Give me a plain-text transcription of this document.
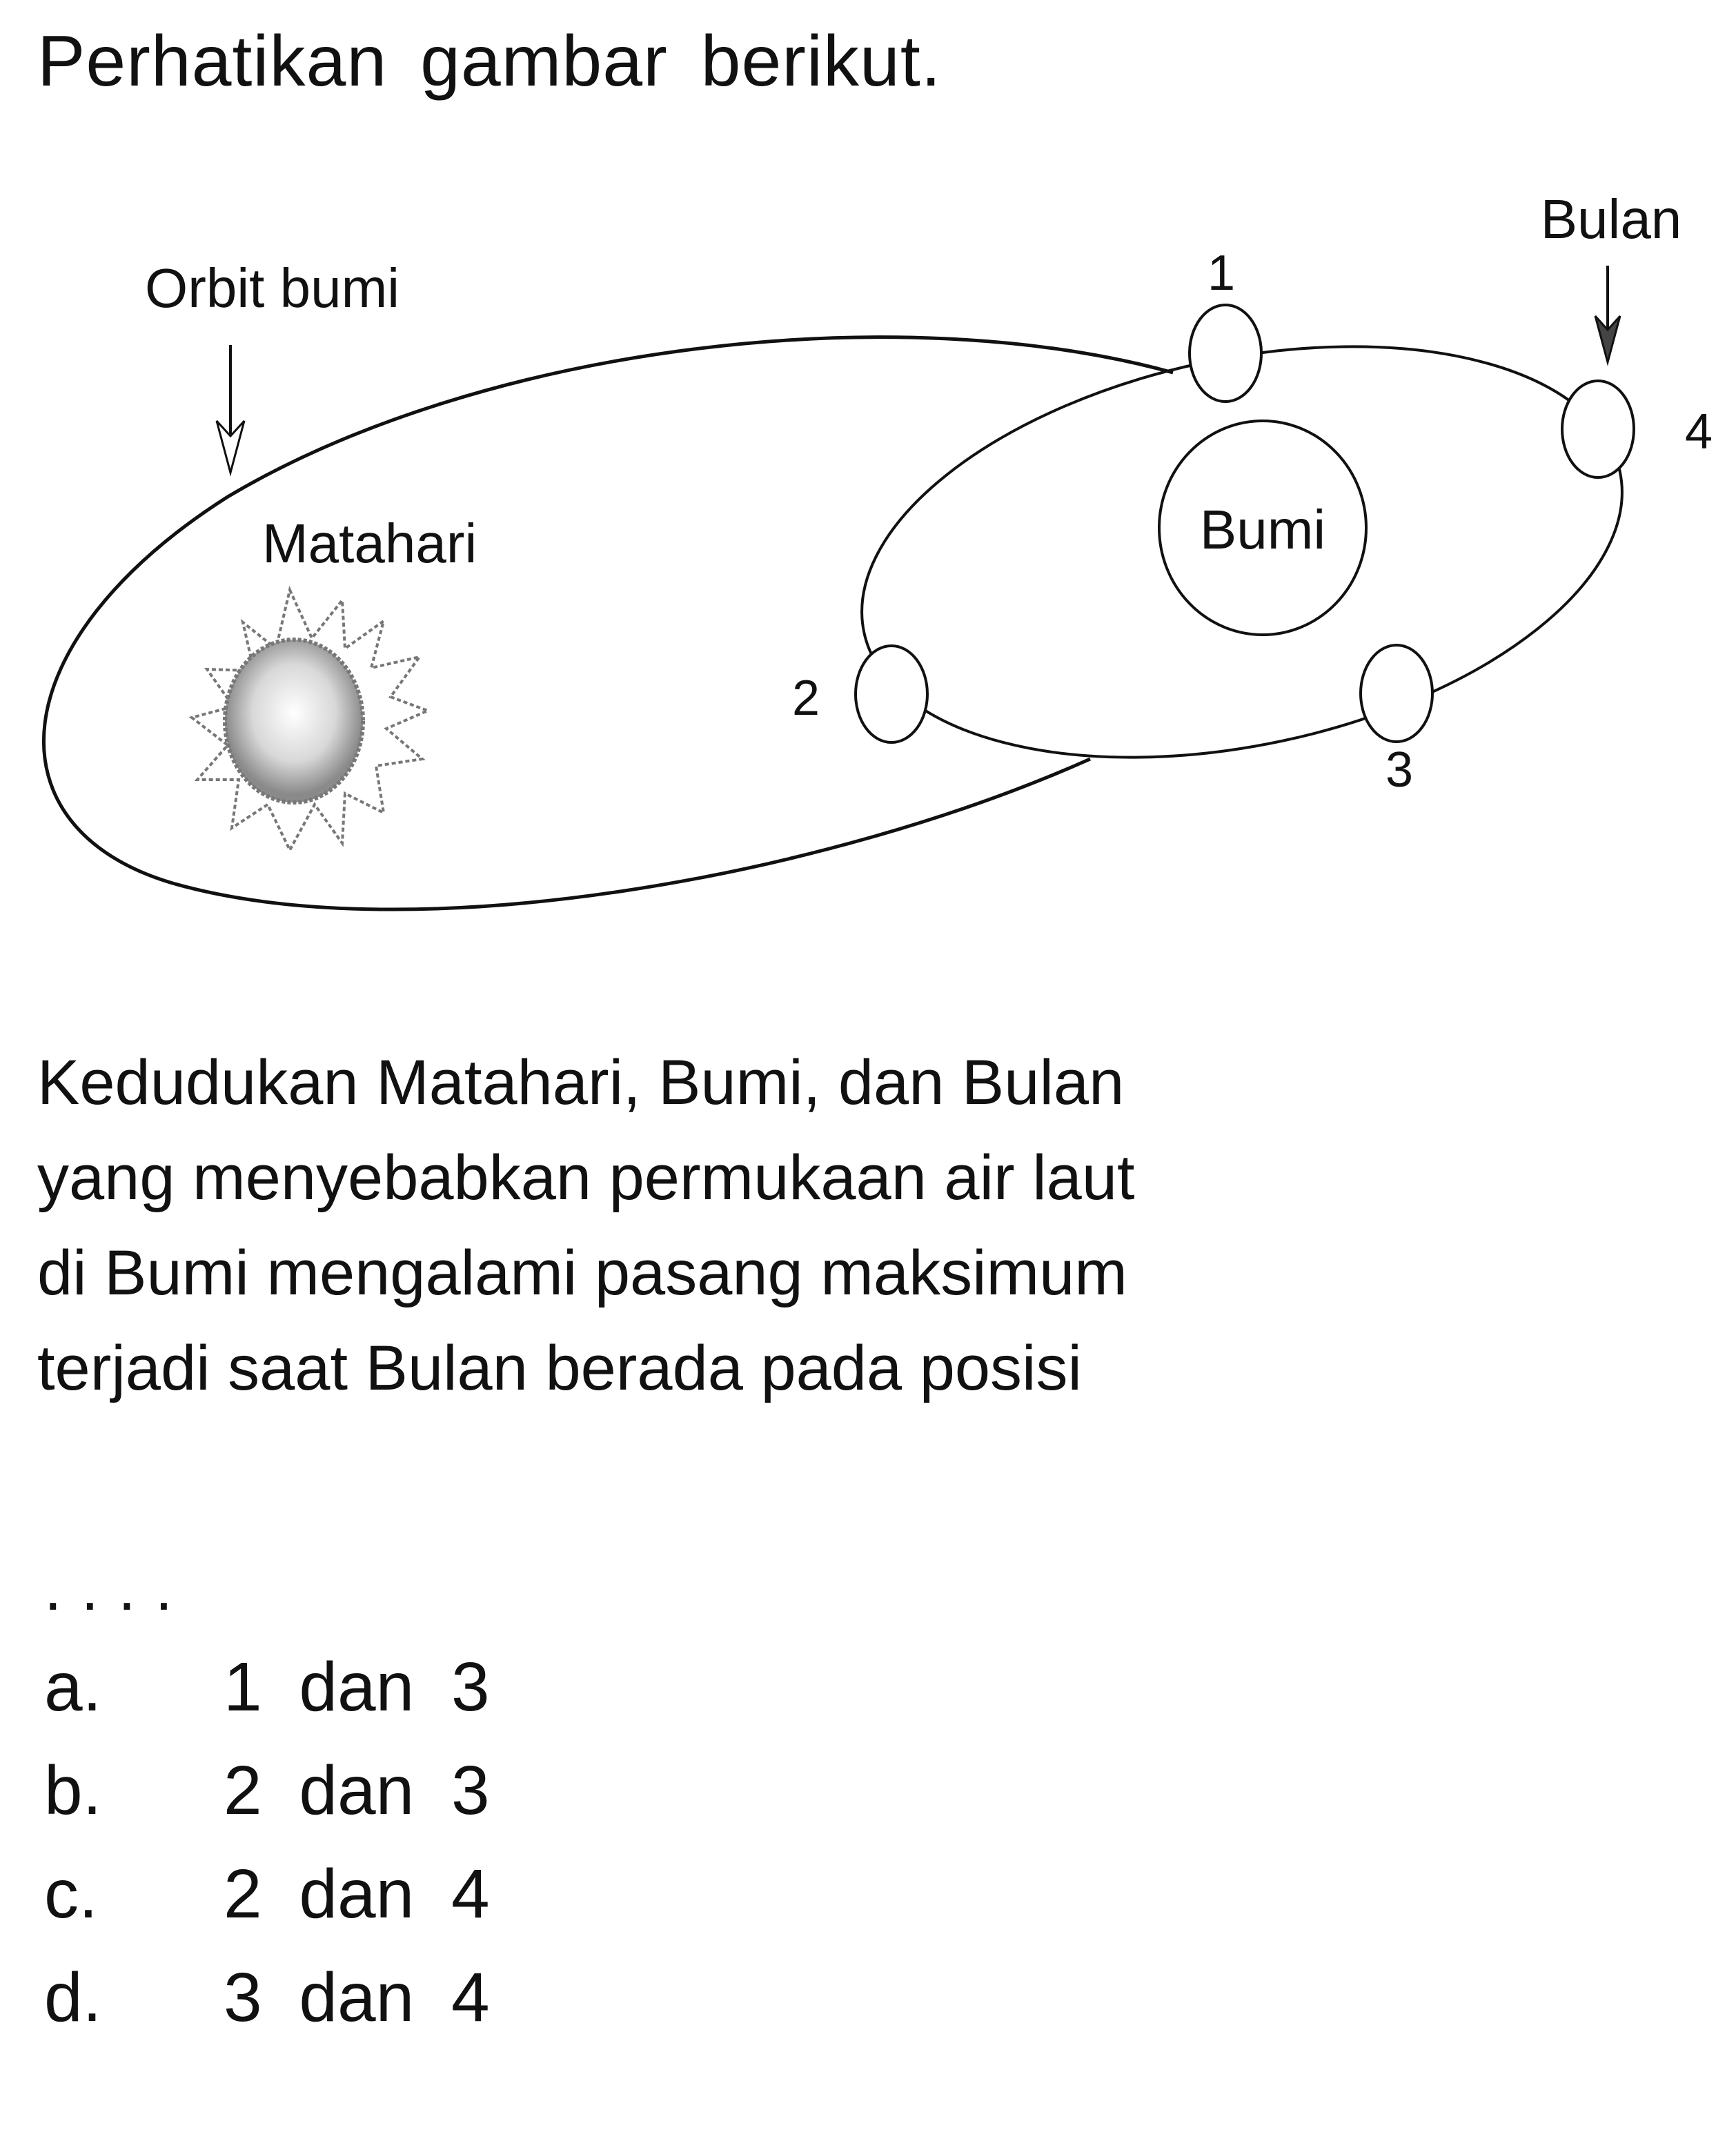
Perhatikan gambar berikut.
Bumi
1
2
3
4
Bulan
Orbit bumi
Matahari
Kedudukan Matahari, Bumi, dan Bulan
yang menyebabkan permukaan air laut
di Bumi mengalami pasang maksimum
terjadi saat Bulan berada pada posisi
....
a.	1 dan 3
b.	2 dan 3
c.	2 dan 4
d.	3 dan 4
